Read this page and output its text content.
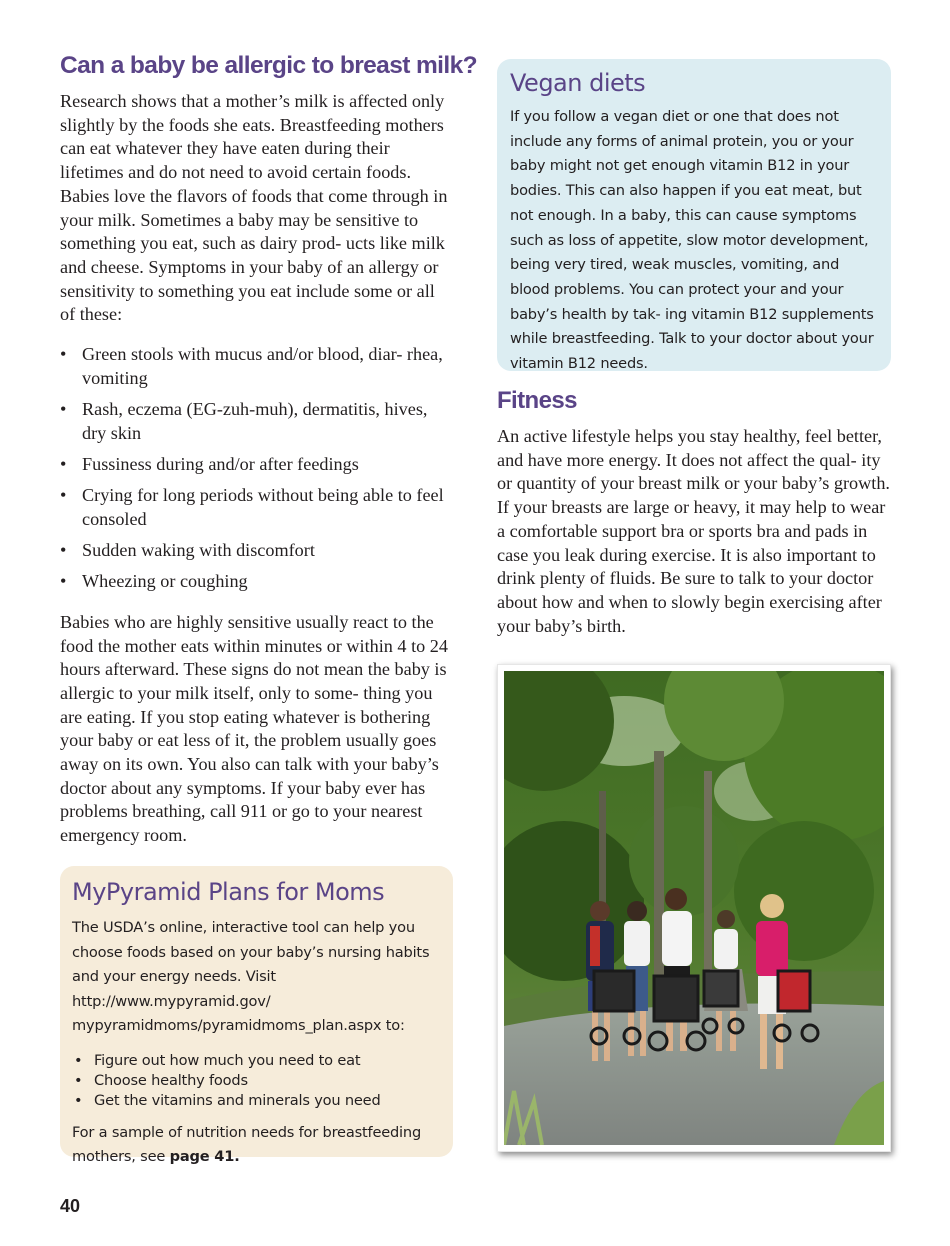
Can a baby be allergic to breast milk?

Research shows that a mother’s milk is affected only slightly by the foods she eats. Breastfeeding mothers can eat whatever they have eaten during their lifetimes and do not need to avoid certain foods. Babies love the flavors of foods that come through in your milk. Sometimes a baby may be sensitive to something you eat, such as dairy prod- ucts like milk and cheese. Symptoms in your baby of an allergy or sensitivity to something you eat include some or all of these:

• Green stools with mucus and/or blood, diar- rhea, vomiting
• Rash, eczema (EG-zuh-muh), dermatitis, hives, dry skin
• Fussiness during and/or after feedings
• Crying for long periods without being able to feel consoled
• Sudden waking with discomfort
• Wheezing or coughing

Babies who are highly sensitive usually react to the food the mother eats within minutes or within 4 to 24 hours afterward. These signs do not mean the baby is allergic to your milk itself, only to some- thing you are eating. If you stop eating whatever is bothering your baby or eat less of it, the problem usually goes away on its own. You also can talk with your baby’s doctor about any symptoms. If your baby ever has problems breathing, call 911 or go to your nearest emergency room.

MyPyramid Plans for Moms

The USDA’s online, interactive tool can help you choose foods based on your baby’s nursing habits and your energy needs. Visit http://www.mypyramid.gov/ mypyramidmoms/pyramidmoms_plan.aspx to:

• Figure out how much you need to eat
• Choose healthy foods
• Get the vitamins and minerals you need

For a sample of nutrition needs for breastfeeding mothers, see page 41.

Vegan diets

If you follow a vegan diet or one that does not include any forms of animal protein, you or your baby might not get enough vitamin B12 in your bodies. This can also happen if you eat meat, but not enough. In a baby, this can cause symptoms such as loss of appetite, slow motor development, being very tired, weak muscles, vomiting, and blood problems. You can protect your and your baby’s health by tak- ing vitamin B12 supplements while breastfeeding. Talk to your doctor about your vitamin B12 needs.

Fitness

An active lifestyle helps you stay healthy, feel better, and have more energy. It does not affect the qual- ity or quantity of your breast milk or your baby’s growth. If your breasts are large or heavy, it may help to wear a comfortable support bra or sports bra and pads in case you leak during exercise. It is also important to drink plenty of fluids. Be sure to talk to your doctor about how and when to slowly begin exercising after your baby’s birth.

40
